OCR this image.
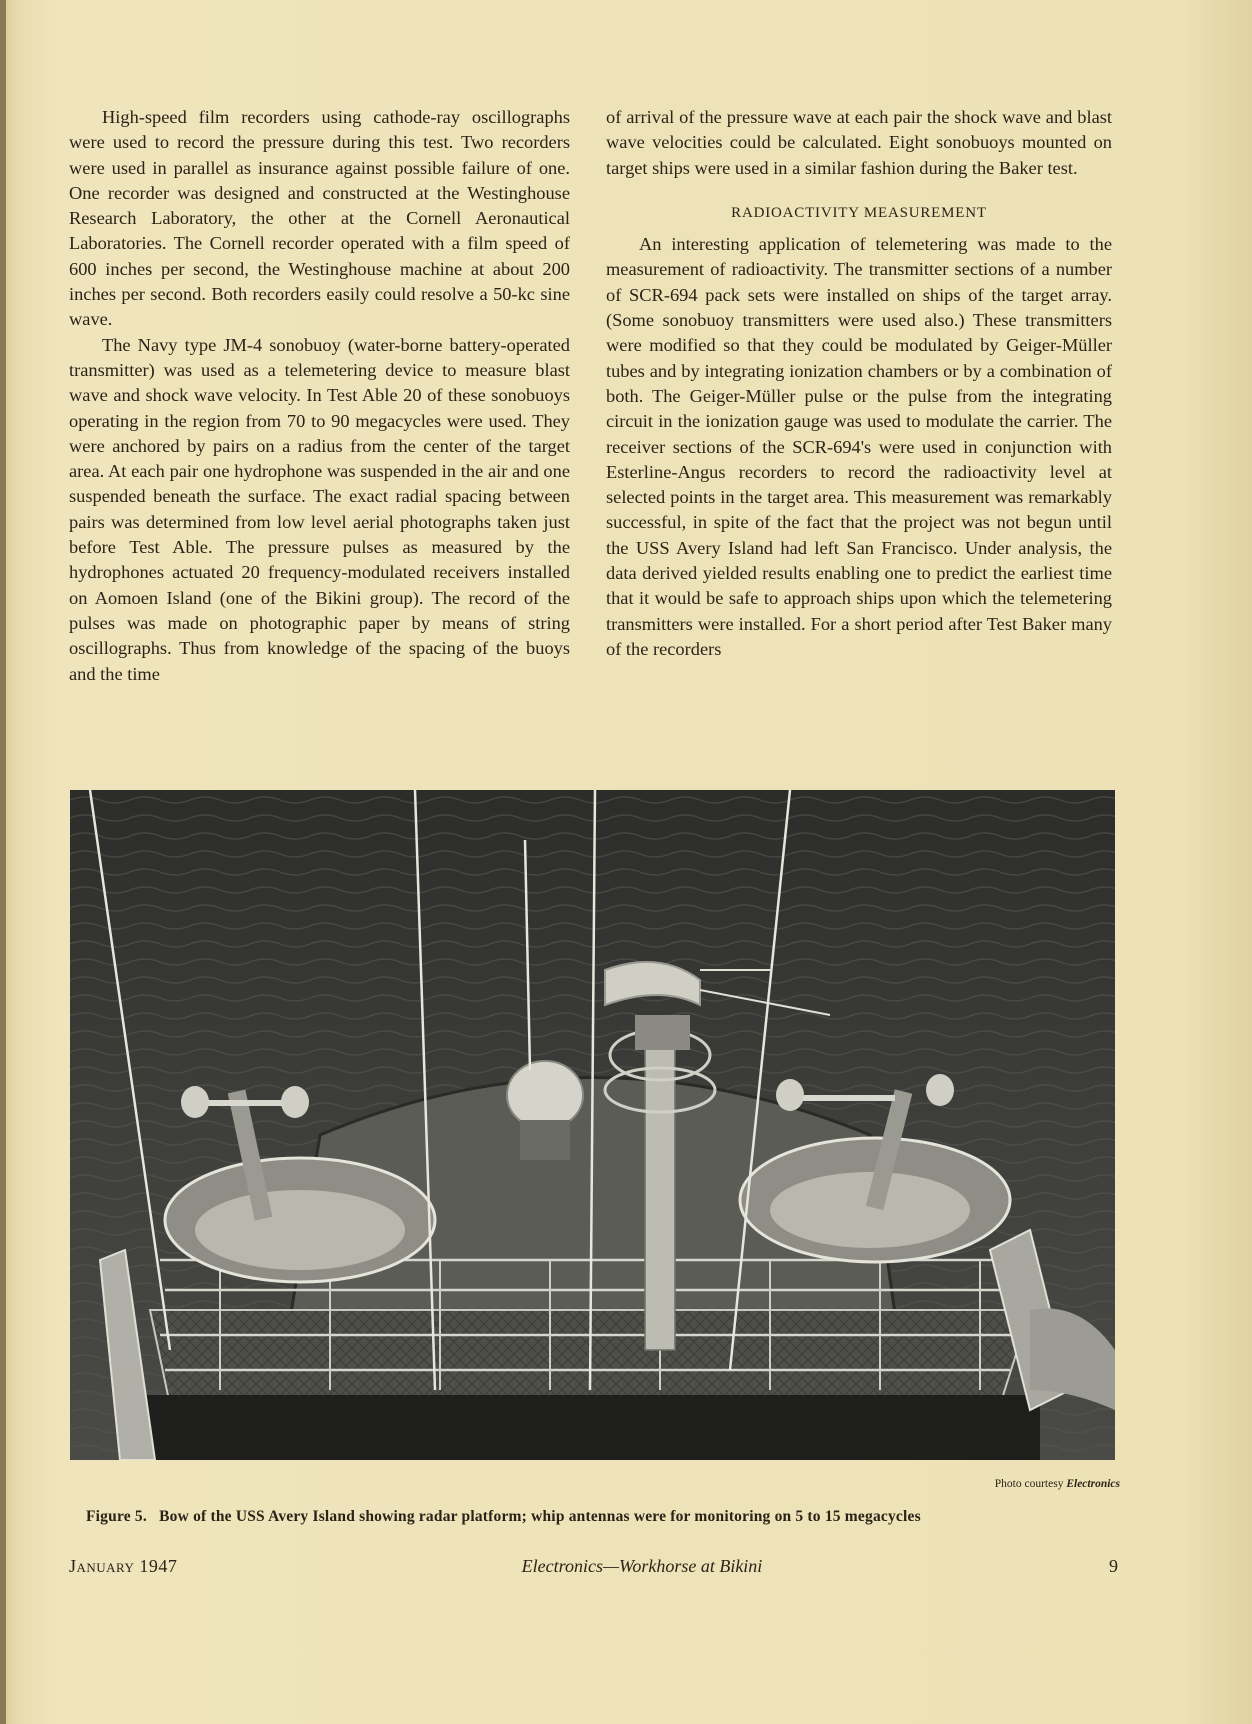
High-speed film recorders using cathode-ray oscillographs were used to record the pressure during this test. Two recorders were used in parallel as insurance against possible failure of one. One recorder was designed and constructed at the Westinghouse Research Laboratory, the other at the Cornell Aeronautical Laboratories. The Cornell recorder operated with a film speed of 600 inches per second, the Westinghouse machine at about 200 inches per second. Both recorders easily could resolve a 50-kc sine wave.

The Navy type JM-4 sonobuoy (water-borne battery-operated transmitter) was used as a telemetering device to measure blast wave and shock wave velocity. In Test Able 20 of these sonobuoys operating in the region from 70 to 90 megacycles were used. They were anchored by pairs on a radius from the center of the target area. At each pair one hydrophone was suspended in the air and one suspended beneath the surface. The exact radial spacing between pairs was determined from low level aerial photographs taken just before Test Able. The pressure pulses as measured by the hydrophones actuated 20 frequency-modulated receivers installed on Aomoen Island (one of the Bikini group). The record of the pulses was made on photographic paper by means of string oscillographs. Thus from knowledge of the spacing of the buoys and the time

of arrival of the pressure wave at each pair the shock wave and blast wave velocities could be calculated. Eight sonobuoys mounted on target ships were used in a similar fashion during the Baker test.

RADIOACTIVITY MEASUREMENT

An interesting application of telemetering was made to the measurement of radioactivity. The transmitter sections of a number of SCR-694 pack sets were installed on ships of the target array. (Some sonobuoy transmitters were used also.) These transmitters were modified so that they could be modulated by Geiger-Müller tubes and by integrating ionization chambers or by a combination of both. The Geiger-Müller pulse or the pulse from the integrating circuit in the ionization gauge was used to modulate the carrier. The receiver sections of the SCR-694's were used in conjunction with Esterline-Angus recorders to record the radioactivity level at selected points in the target area. This measurement was remarkably successful, in spite of the fact that the project was not begun until the USS Avery Island had left San Francisco. Under analysis, the data derived yielded results enabling one to predict the earliest time that it would be safe to approach ships upon which the telemetering transmitters were installed. For a short period after Test Baker many of the recorders

Photo courtesy Electronics
Figure 5.   Bow of the USS Avery Island showing radar platform; whip antennas were for monitoring on 5 to 15 megacycles
January 1947	Electronics—Workhorse at Bikini	9
